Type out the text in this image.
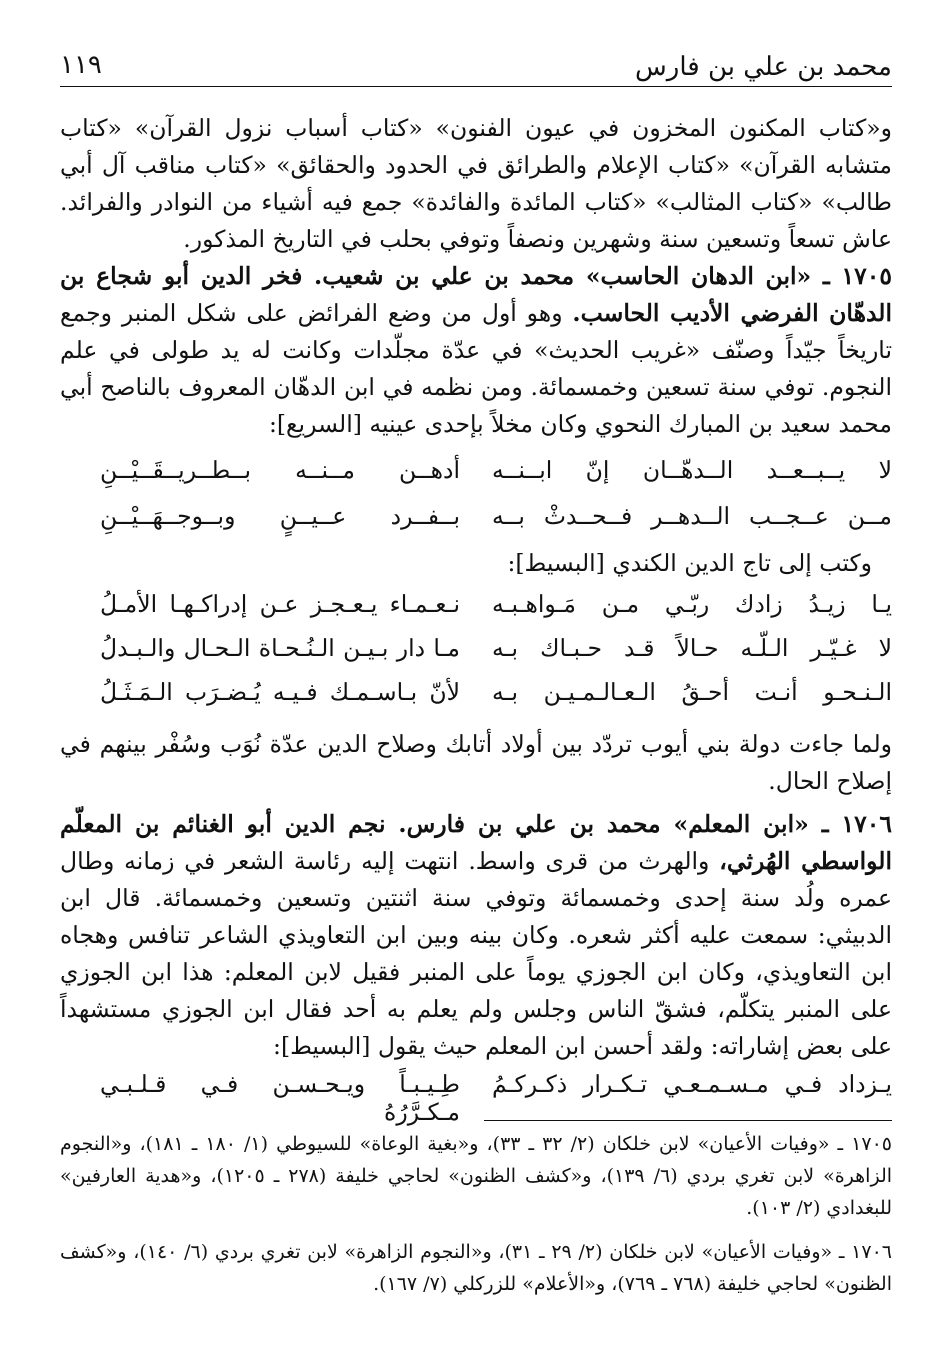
محمد بن علي بن فارس
١١٩
و«كتاب المكنون المخزون في عيون الفنون» «كتاب أسباب نزول القرآن» «كتاب متشابه القرآن» «كتاب الإعلام والطرائق في الحدود والحقائق» «كتاب مناقب آل أبي طالب» «كتاب المثالب» «كتاب المائدة والفائدة» جمع فيه أشياء من النوادر والفرائد. عاش تسعاً وتسعين سنة وشهرين ونصفاً وتوفي بحلب في التاريخ المذكور.
١٧٠٥ ـ «ابن الدهان الحاسب» محمد بن علي بن شعيب. فخر الدين أبو شجاع بن الدهّان الفرضي الأديب الحاسب. وهو أول من وضع الفرائض على شكل المنبر وجمع تاريخاً جيّداً وصنّف «غريب الحديث» في عدّة مجلّدات وكانت له يد طولى في علم النجوم. توفي سنة تسعين وخمسمائة. ومن نظمه في ابن الدهّان المعروف بالناصح أبي محمد سعيد بن المبارك النحوي وكان مخلاً بإحدى عينيه [السريع]:
لا يــبــعــد الــدهّــان إنّ ابــنــه
أدهــن مــنــه بــطــريــقَــيْــنِ
مــن عــجــب الــدهــر فــحــدثْ بــه
بــفــرد عــيــنٍ وبــوجــهَــيْــنِ
وكتب إلى تاج الدين الكندي [البسيط]:
يـا زيـدُ زادك ربّـي مـن مَـواهـبـه
نـعـمـاء يـعـجـز عـن إدراكـهـا الأمـلُ
لا غـيّـر الـلّـه حـالاً قـد حـبـاك بـه
مـا دار بـيـن الـنُـحـاة الـحـال والـبـدلُ
الـنـحـو أنـت أحـقُ الـعـالـمـيـن بـه
لأنّ بـاسـمـك فـيـه يُـضـرَب الـمَـثَـلُ
ولما جاءت دولة بني أيوب تردّد بين أولاد أتابك وصلاح الدين عدّة نُوَب وسُفْر بينهم في إصلاح الحال.
١٧٠٦ ـ «ابن المعلم» محمد بن علي بن فارس. نجم الدين أبو الغنائم بن المعلّم الواسطي الهُرثي، والهرث من قرى واسط. انتهت إليه رئاسة الشعر في زمانه وطال عمره ولُد سنة إحدى وخمسمائة وتوفي سنة اثنتين وتسعين وخمسمائة. قال ابن الدبيثي: سمعت عليه أكثر شعره. وكان بينه وبين ابن التعاويذي الشاعر تنافس وهجاه ابن التعاويذي، وكان ابن الجوزي يوماً على المنبر فقيل لابن المعلم: هذا ابن الجوزي على المنبر يتكلّم، فشقّ الناس وجلس ولم يعلم به أحد فقال ابن الجوزي مستشهداً على بعض إشاراته: ولقد أحسن ابن المعلم حيث يقول [البسيط]:
يـزداد فـي مـسـمـعـي تـكـرار ذكـركـمُ
طِـيـبـاً ويـحـسـن فـي قـلـبـي مـكـرَّرُهُ
١٧٠٥ ـ «وفيات الأعيان» لابن خلكان (٢/ ٣٢ ـ ٣٣)، و«بغية الوعاة» للسيوطي (١/ ١٨٠ ـ ١٨١)، و«النجوم الزاهرة» لابن تغري بردي (٦/ ١٣٩)، و«كشف الظنون» لحاجي خليفة (٢٧٨ ـ ١٢٠٥)، و«هدية العارفين» للبغدادي (٢/ ١٠٣).
١٧٠٦ ـ «وفيات الأعيان» لابن خلكان (٢/ ٢٩ ـ ٣١)، و«النجوم الزاهرة» لابن تغري بردي (٦/ ١٤٠)، و«كشف الظنون» لحاجي خليفة (٧٦٨ ـ ٧٦٩)، و«الأعلام» للزركلي (٧/ ١٦٧).
